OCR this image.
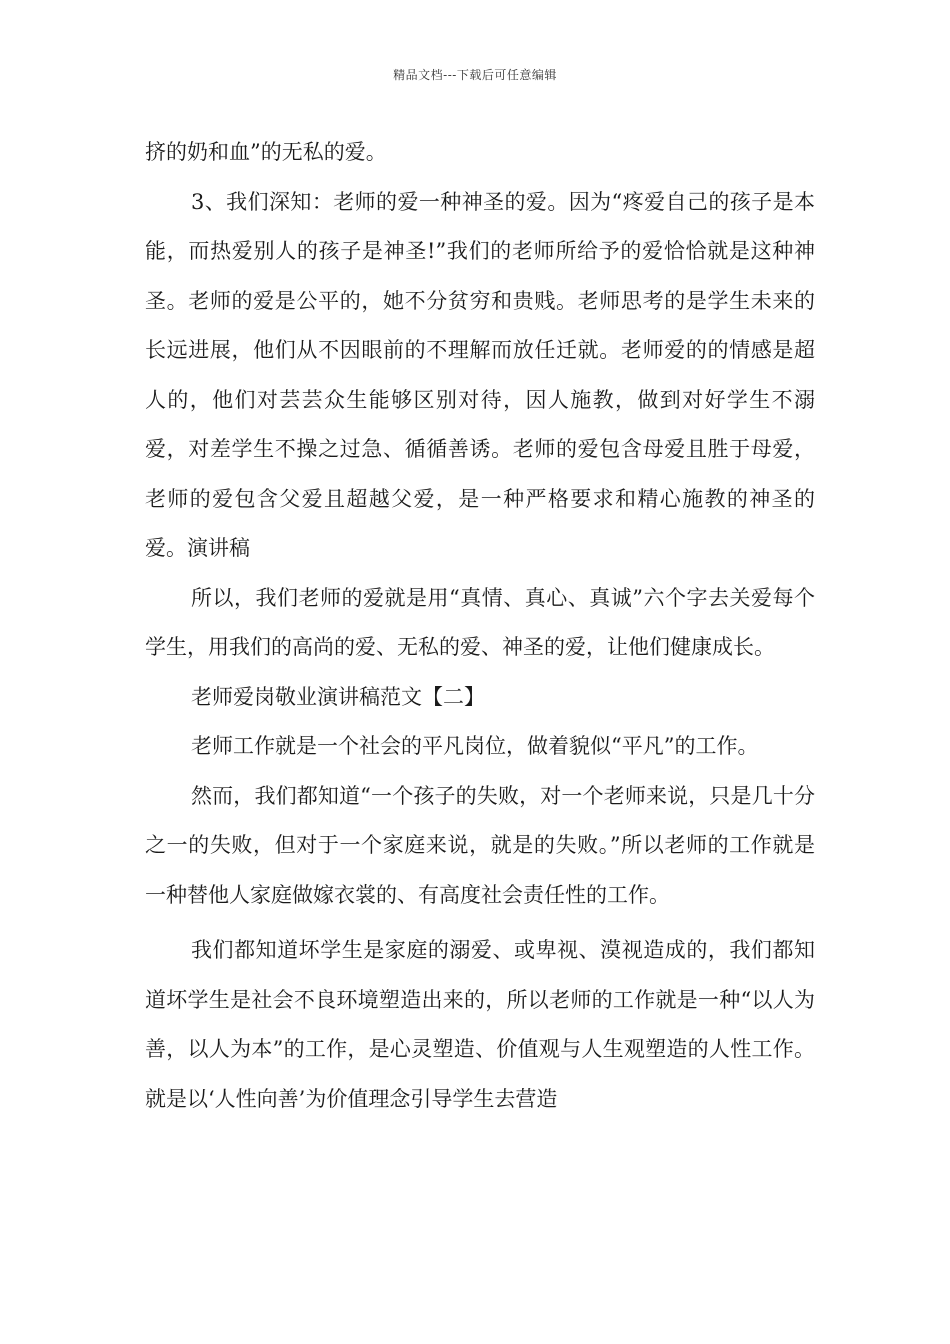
精品文档---下载后可任意编辑

挤的奶和血”的无私的爱。

3、我们深知：老师的爱一种神圣的爱。因为“疼爱自己的孩子是本能，而热爱别人的孩子是神圣!”我们的老师所给予的爱恰恰就是这种神圣。老师的爱是公平的，她不分贫穷和贵贱。老师思考的是学生未来的长远进展，他们从不因眼前的不理解而放任迁就。老师爱的的情感是超人的，他们对芸芸众生能够区别对待，因人施教，做到对好学生不溺爱，对差学生不操之过急、循循善诱。老师的爱包含母爱且胜于母爱，老师的爱包含父爱且超越父爱，是一种严格要求和精心施教的神圣的爱。演讲稿

所以，我们老师的爱就是用“真情、真心、真诚”六个字去关爱每个学生，用我们的高尚的爱、无私的爱、神圣的爱，让他们健康成长。

老师爱岗敬业演讲稿范文【二】

老师工作就是一个社会的平凡岗位，做着貌似“平凡”的工作。

然而，我们都知道“一个孩子的失败，对一个老师来说，只是几十分之一的失败，但对于一个家庭来说，就是的失败。”所以老师的工作就是一种替他人家庭做嫁衣裳的、有高度社会责任性的工作。

我们都知道坏学生是家庭的溺爱、或卑视、漠视造成的，我们都知道坏学生是社会不良环境塑造出来的，所以老师的工作就是一种“以人为善，以人为本”的工作，是心灵塑造、价值观与人生观塑造的人性工作。就是以‘人性向善’为价值理念引导学生去营造
